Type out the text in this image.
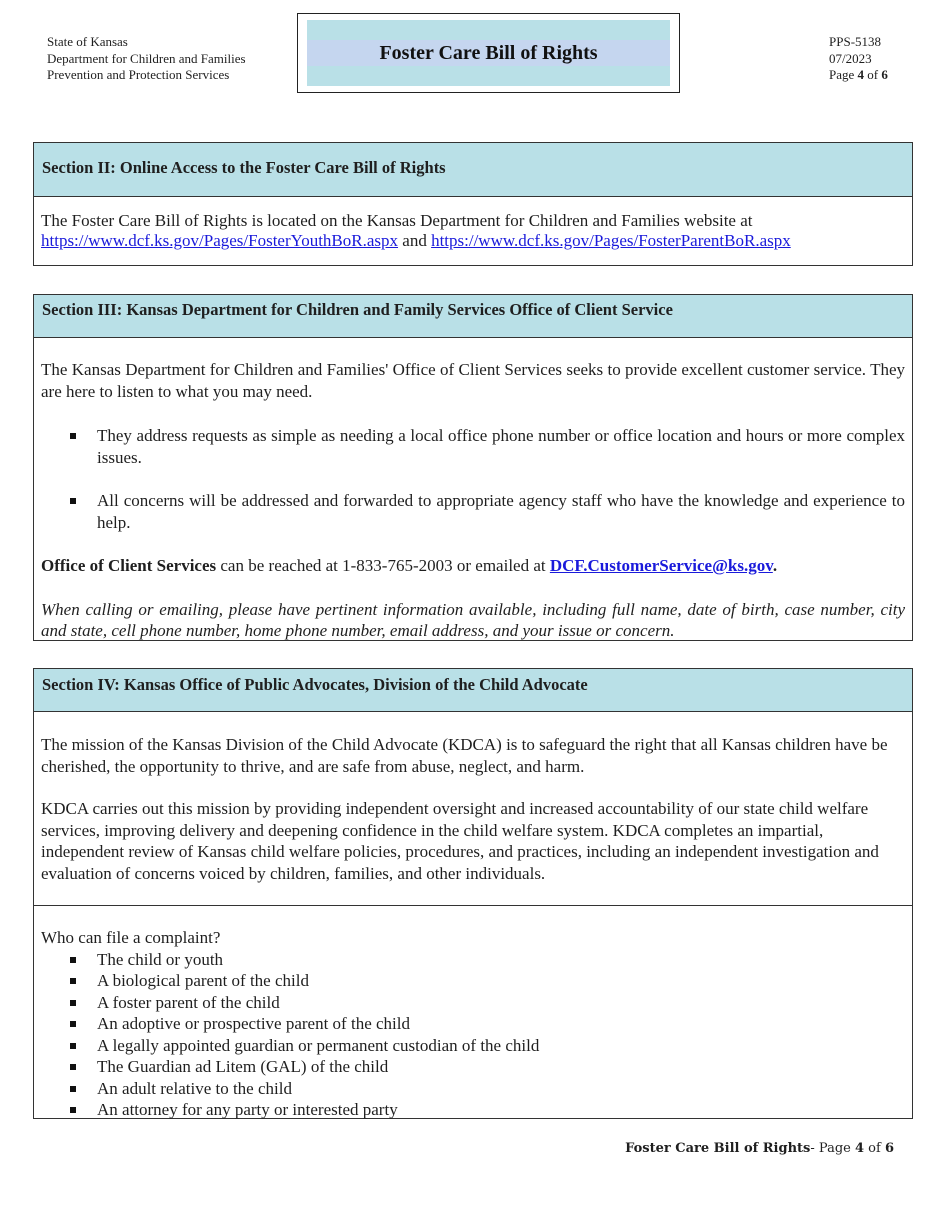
State of Kansas
Department for Children and Families
Prevention and Protection Services
Foster Care Bill of Rights	PPS-5138
07/2023
Page 4 of 6
Section II: Online Access to the Foster Care Bill of Rights

The Foster Care Bill of Rights is located on the Kansas Department for Children and Families website at
https://www.dcf.ks.gov/Pages/FosterYouthBoR.aspx and https://www.dcf.ks.gov/Pages/FosterParentBoR.aspx

Section III: Kansas Department for Children and Family Services Office of Client Service

The Kansas Department for Children and Families' Office of Client Services seeks to provide excellent customer service. They are here to listen to what you may need.

They address requests as simple as needing a local office phone number or office location and hours or more complex issues.
All concerns will be addressed and forwarded to appropriate agency staff who have the knowledge and experience to help.

Office of Client Services can be reached at 1-833-765-2003 or emailed at DCF.CustomerService@ks.gov.

When calling or emailing, please have pertinent information available, including full name, date of birth, case number, city and state, cell phone number, home phone number, email address, and your issue or concern.

Section IV: Kansas Office of Public Advocates, Division of the Child Advocate

The mission of the Kansas Division of the Child Advocate (KDCA) is to safeguard the right that all Kansas children have be cherished, the opportunity to thrive, and are safe from abuse, neglect, and harm.

KDCA carries out this mission by providing independent oversight and increased accountability of our state child welfare services, improving delivery and deepening confidence in the child welfare system. KDCA completes an impartial, independent review of Kansas child welfare policies, procedures, and practices, including an independent investigation and evaluation of concerns voiced by children, families, and other individuals.

Who can file a complaint?

The child or youth
A biological parent of the child
A foster parent of the child
An adoptive or prospective parent of the child
A legally appointed guardian or permanent custodian of the child
The Guardian ad Litem (GAL) of the child
An adult relative to the child
An attorney for any party or interested party
Foster Care Bill of Rights- Page 4 of 6
